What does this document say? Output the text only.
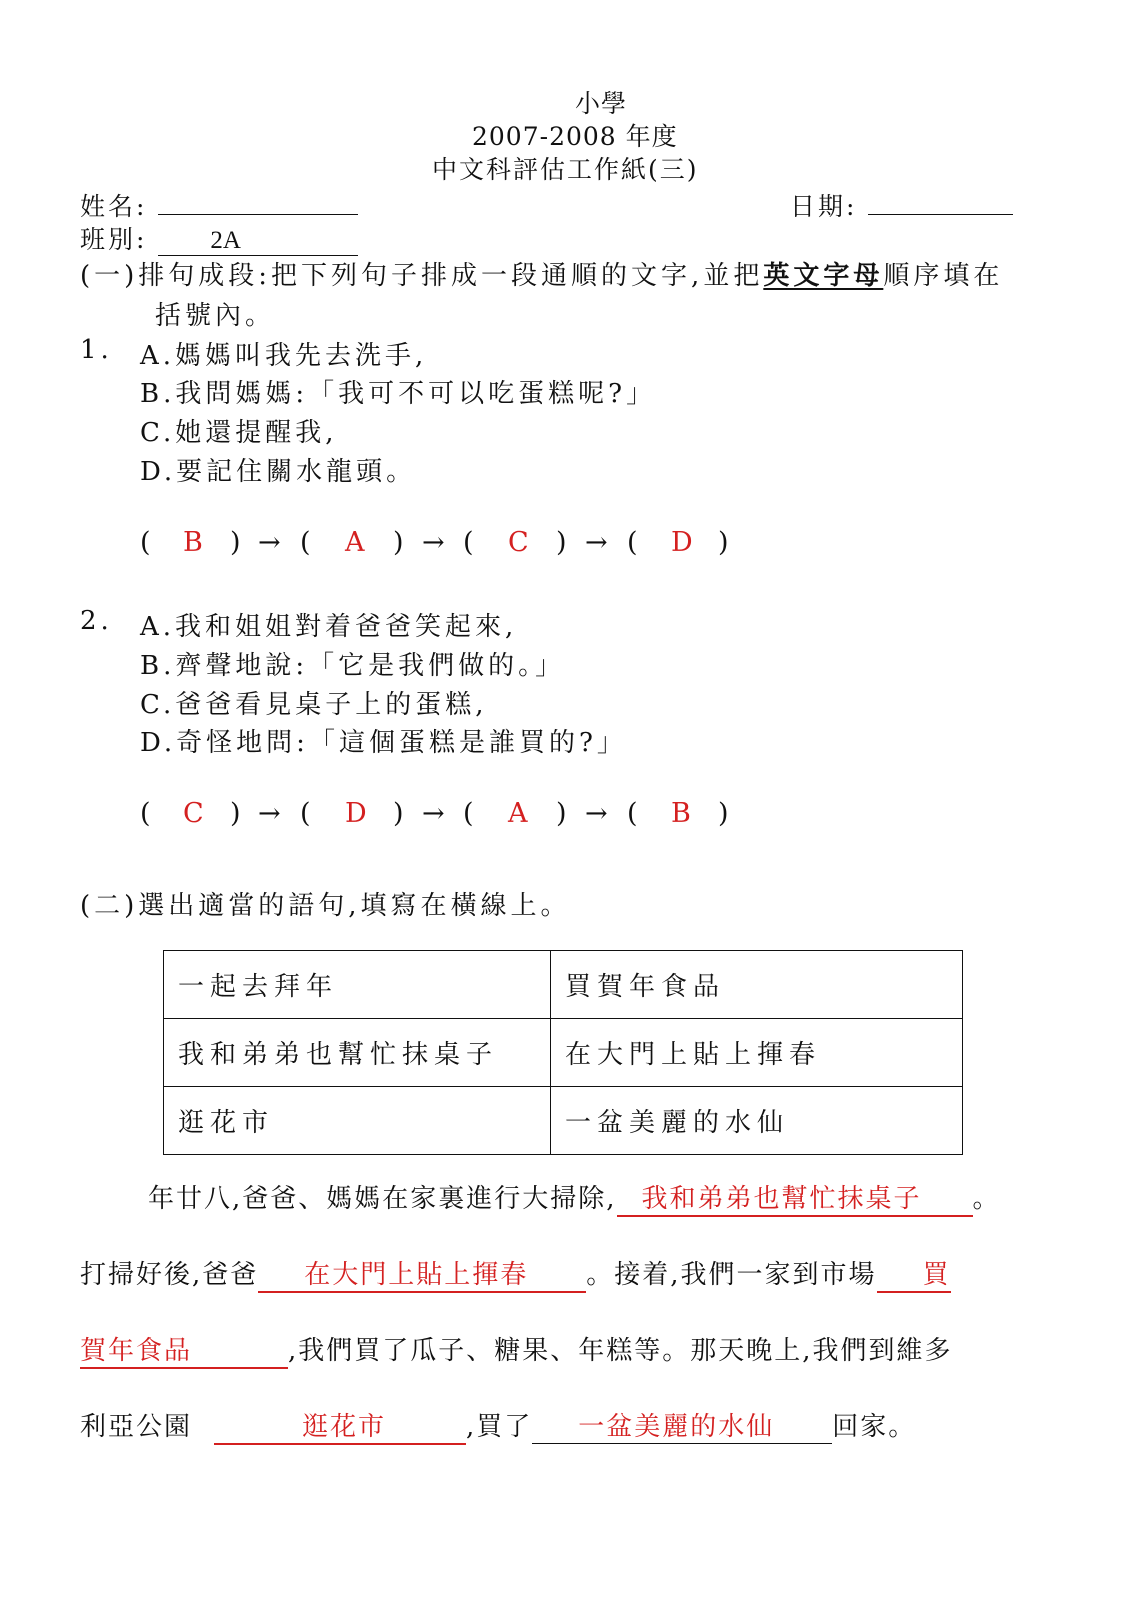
小學
2007-2008 年度
中文科評估工作紙(三)
姓名:	日期:
班別:	2A
(一)排句成段:把下列句子排成一段通順的文字,並把英文字母順序填在
括號內。
1. A.媽媽叫我先去洗手,
B.我問媽媽:「我可不可以吃蛋糕呢?」
C.她還提醒我,
D.要記住關水龍頭。
( B ) → ( A ) → ( C ) → ( D )
2. A.我和姐姐對着爸爸笑起來,
B.齊聲地說:「它是我們做的。」
C.爸爸看見桌子上的蛋糕,
D.奇怪地問:「這個蛋糕是誰買的?」
( C ) → ( D ) → ( A ) → ( B )
(二)選出適當的語句,填寫在橫線上。
一起去拜年	買賀年食品
我和弟弟也幫忙抹桌子	在大門上貼上揮春
逛花市	一盆美麗的水仙
年廿八,爸爸、媽媽在家裏進行大掃除, 我和弟弟也幫忙抹桌子 。
打掃好後,爸爸 在大門上貼上揮春 。接着,我們一家到市場 買
賀年食品	,我們買了瓜子、糖果、年糕等。那天晚上,我們到維多
利亞公園	逛花市	,買了 一盆美麗的水仙 回家。
